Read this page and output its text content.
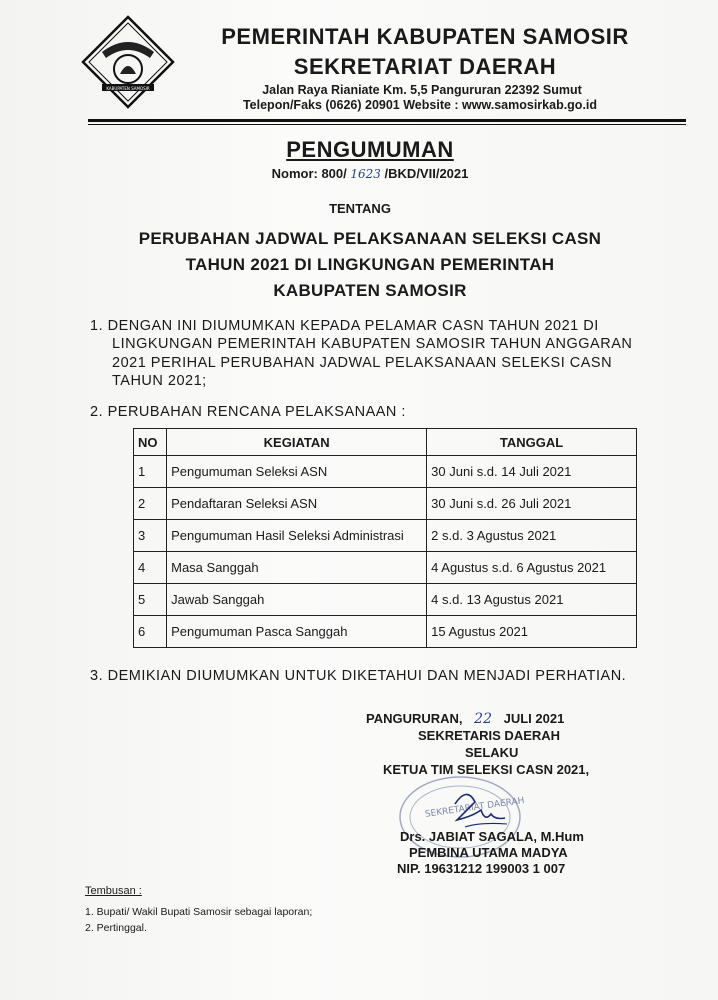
KABUPATEN SAMOSIR
PEMERINTAH KABUPATEN SAMOSIR
SEKRETARIAT DAERAH
Jalan Raya Rianiate Km. 5,5 Pangururan 22392 Sumut
Telepon/Faks (0626) 20901 Website : www.samosirkab.go.id
PENGUMUMAN
Nomor: 800/ 1623 /BKD/VII/2021
TENTANG
PERUBAHAN JADWAL PELAKSANAAN SELEKSI CASN
TAHUN 2021 DI LINGKUNGAN PEMERINTAH
KABUPATEN SAMOSIR
1. DENGAN INI DIUMUMKAN KEPADA PELAMAR CASN TAHUN 2021 DI
LINGKUNGAN PEMERINTAH KABUPATEN SAMOSIR TAHUN ANGGARAN
2021 PERIHAL PERUBAHAN JADWAL PELAKSANAAN SELEKSI CASN
TAHUN 2021;
2. PERUBAHAN RENCANA PELAKSANAAN :
NO	KEGIATAN	TANGGAL
1	Pengumuman Seleksi ASN	30 Juni s.d. 14 Juli 2021
2	Pendaftaran Seleksi ASN	30 Juni s.d. 26 Juli 2021
3	Pengumuman Hasil Seleksi Administrasi	2 s.d. 3 Agustus 2021
4	Masa Sanggah	4 Agustus s.d. 6 Agustus 2021
5	Jawab Sanggah	4 s.d. 13 Agustus 2021
6	Pengumuman Pasca Sanggah	15 Agustus 2021
3. DEMIKIAN DIUMUMKAN UNTUK DIKETAHUI DAN MENJADI PERHATIAN.
PANGURURAN, 22 JULI 2021
SEKRETARIS DAERAH
SELAKU
KETUA TIM SELEKSI CASN 2021,
SEKRETARIAT DAERAH
Drs. JABIAT SAGALA, M.Hum
PEMBINA UTAMA MADYA
NIP. 19631212 199003 1 007
Tembusan :
1. Bupati/ Wakil Bupati Samosir sebagai laporan;
2. Pertinggal.
